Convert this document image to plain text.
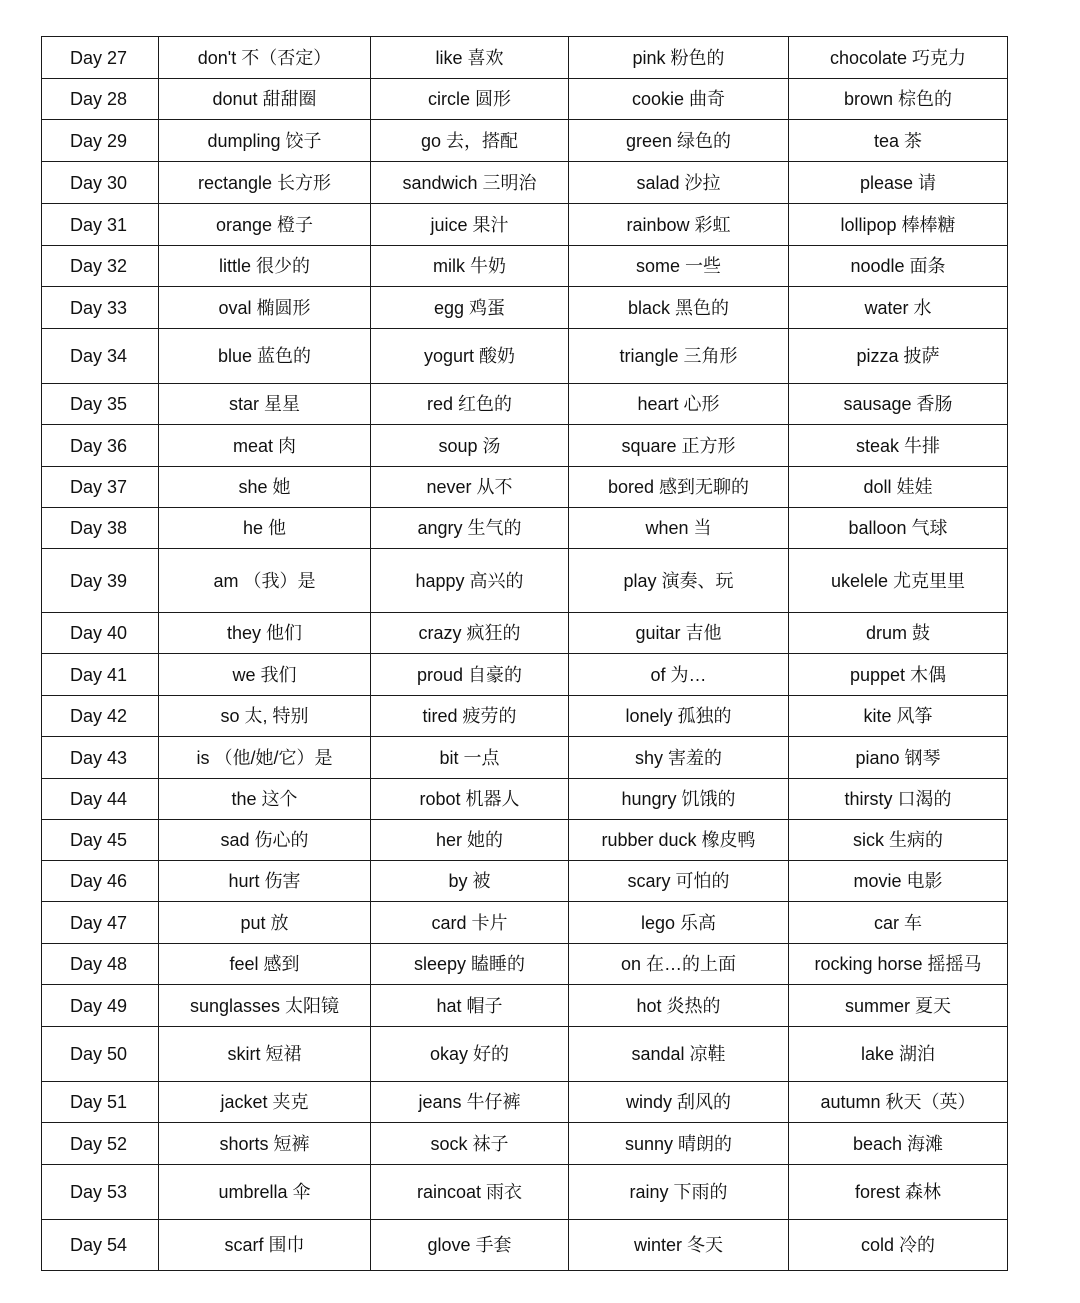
Day 27	don't 不（否定）	like 喜欢	pink 粉色的	chocolate 巧克力
Day 28	donut 甜甜圈	circle 圆形	cookie 曲奇	brown 棕色的
Day 29	dumpling 饺子	go 去，搭配	green 绿色的	tea 茶
Day 30	rectangle 长方形	sandwich 三明治	salad 沙拉	please 请
Day 31	orange 橙子	juice 果汁	rainbow 彩虹	lollipop 棒棒糖
Day 32	little 很少的	milk 牛奶	some 一些	noodle 面条
Day 33	oval 椭圆形	egg 鸡蛋	black 黑色的	water 水
Day 34	blue 蓝色的	yogurt 酸奶	triangle 三角形	pizza 披萨
Day 35	star 星星	red 红色的	heart 心形	sausage 香肠
Day 36	meat 肉	soup 汤	square 正方形	steak 牛排
Day 37	she 她	never 从不	bored 感到无聊的	doll 娃娃
Day 38	he 他	angry 生气的	when 当	balloon 气球
Day 39	am （我）是	happy 高兴的	play 演奏、玩	ukelele 尤克里里
Day 40	they 他们	crazy 疯狂的	guitar 吉他	drum 鼓
Day 41	we 我们	proud 自豪的	of 为…	puppet 木偶
Day 42	so 太, 特别	tired 疲劳的	lonely 孤独的	kite 风筝
Day 43	is （他/她/它）是	bit 一点	shy 害羞的	piano 钢琴
Day 44	the 这个	robot 机器人	hungry 饥饿的	thirsty 口渴的
Day 45	sad 伤心的	her 她的	rubber duck 橡皮鸭	sick 生病的
Day 46	hurt 伤害	by 被	scary 可怕的	movie 电影
Day 47	put 放	card 卡片	lego 乐高	car 车
Day 48	feel 感到	sleepy 瞌睡的	on 在…的上面	rocking horse 摇摇马
Day 49	sunglasses 太阳镜	hat 帽子	hot 炎热的	summer 夏天
Day 50	skirt 短裙	okay 好的	sandal 凉鞋	lake 湖泊
Day 51	jacket 夹克	jeans 牛仔裤	windy 刮风的	autumn 秋天（英）
Day 52	shorts 短裤	sock 袜子	sunny 晴朗的	beach 海滩
Day 53	umbrella 伞	raincoat 雨衣	rainy 下雨的	forest 森林
Day 54	scarf 围巾	glove 手套	winter 冬天	cold 冷的
